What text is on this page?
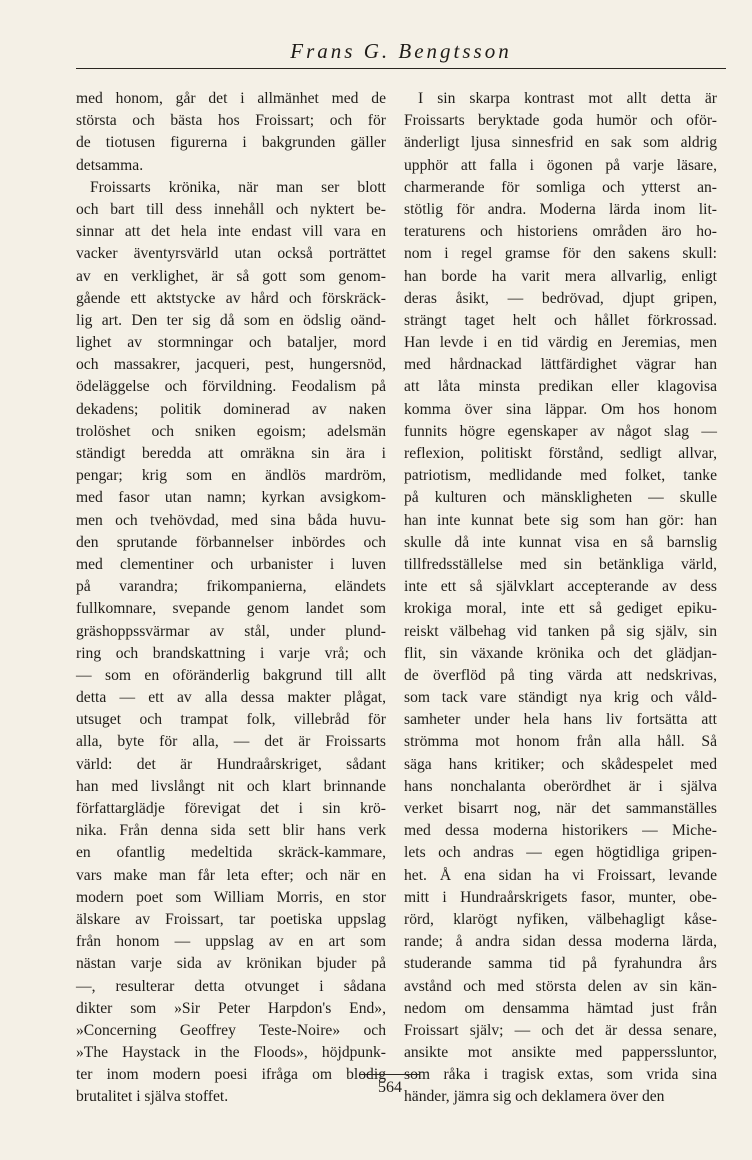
Frans G. Bengtsson
med honom, går det i allmänhet med de
största och bästa hos Froissart; och för
de tiotusen figurerna i bakgrunden gäller
detsamma.
Froissarts krönika, när man ser blott
och bart till dess innehåll och nyktert be-
sinnar att det hela inte endast vill vara en
vacker äventyrsvärld utan också porträttet
av en verklighet, är så gott som genom-
gående ett aktstycke av hård och förskräck-
lig art. Den ter sig då som en ödslig oänd-
lighet av stormningar och bataljer, mord
och massakrer, jacqueri, pest, hungersnöd,
ödeläggelse och förvildning. Feodalism på
dekadens; politik dominerad av naken
trolöshet och sniken egoism; adelsmän
ständigt beredda att omräkna sin ära i
pengar; krig som en ändlös mardröm,
med fasor utan namn; kyrkan avsigkom-
men och tvehövdad, med sina båda huvu-
den sprutande förbannelser inbördes och
med clementiner och urbanister i luven
på varandra; frikompanierna, eländets
fullkomnare, svepande genom landet som
gräshoppssvärmar av stål, under plund-
ring och brandskattning i varje vrå; och
— som en oföränderlig bakgrund till allt
detta — ett av alla dessa makter plågat,
utsuget och trampat folk, villebråd för
alla, byte för alla, — det är Froissarts
värld: det är Hundraårskriget, sådant
han med livslångt nit och klart brinnande
författarglädje förevigat det i sin krö-
nika. Från denna sida sett blir hans verk
en ofantlig medeltida skräck-kammare,
vars make man får leta efter; och när en
modern poet som William Morris, en stor
älskare av Froissart, tar poetiska uppslag
från honom — uppslag av en art som
nästan varje sida av krönikan bjuder på
—, resulterar detta otvunget i sådana
dikter som »Sir Peter Harpdon's End»,
»Concerning Geoffrey Teste-Noire» och
»The Haystack in the Floods», höjdpunk-
ter inom modern poesi ifråga om blodig
brutalitet i själva stoffet.
I sin skarpa kontrast mot allt detta är
Froissarts beryktade goda humör och oför-
änderligt ljusa sinnesfrid en sak som aldrig
upphör att falla i ögonen på varje läsare,
charmerande för somliga och ytterst an-
stötlig för andra. Moderna lärda inom lit-
teraturens och historiens områden äro ho-
nom i regel gramse för den sakens skull:
han borde ha varit mera allvarlig, enligt
deras åsikt, — bedrövad, djupt gripen,
strängt taget helt och hållet förkrossad.
Han levde i en tid värdig en Jeremias, men
med hårdnackad lättfärdighet vägrar han
att låta minsta predikan eller klagovisa
komma över sina läppar. Om hos honom
funnits högre egenskaper av något slag —
reflexion, politiskt förstånd, sedligt allvar,
patriotism, medlidande med folket, tanke
på kulturen och mänskligheten — skulle
han inte kunnat bete sig som han gör: han
skulle då inte kunnat visa en så barnslig
tillfredsställelse med sin betänkliga värld,
inte ett så självklart accepterande av dess
krokiga moral, inte ett så gediget epiku-
reiskt välbehag vid tanken på sig själv, sin
flit, sin växande krönika och det glädjan-
de överflöd på ting värda att nedskrivas,
som tack vare ständigt nya krig och våld-
samheter under hela hans liv fortsätta att
strömma mot honom från alla håll. Så
säga hans kritiker; och skådespelet med
hans nonchalanta oberördhet är i själva
verket bisarrt nog, när det sammanställes
med dessa moderna historikers — Miche-
lets och andras — egen högtidliga gripen-
het. Å ena sidan ha vi Froissart, levande
mitt i Hundraårskrigets fasor, munter, obe-
rörd, klarögt nyfiken, välbehagligt kåse-
rande; å andra sidan dessa moderna lärda,
studerande samma tid på fyrahundra års
avstånd och med största delen av sin kän-
nedom om densamma hämtad just från
Froissart själv; — och det är dessa senare,
ansikte mot ansikte med papperssluntor,
som råka i tragisk extas, som vrida sina
händer, jämra sig och deklamera över den
564
